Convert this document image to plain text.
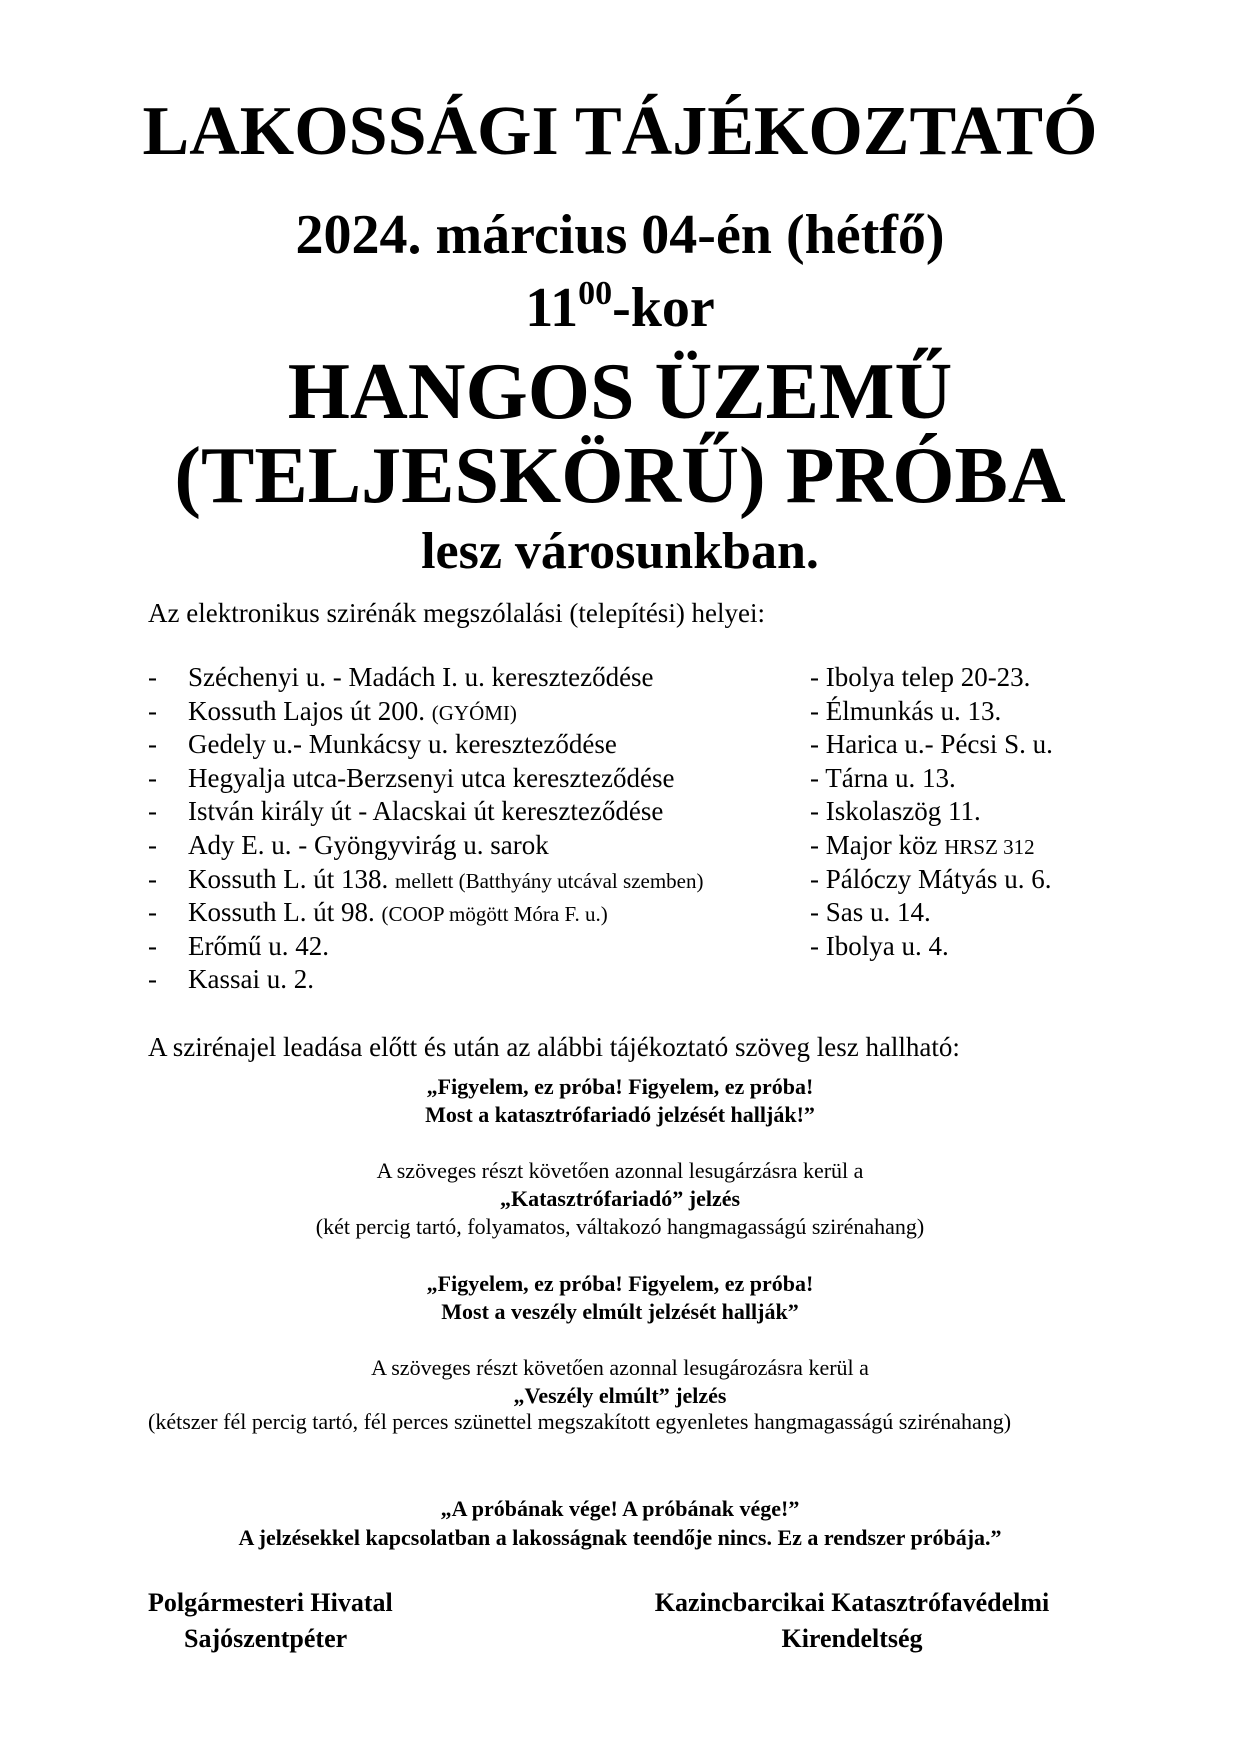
LAKOSSÁGI TÁJÉKOZTATÓ
2024. március 04-én (hétfő)
$11^{00}$-kor
HANGOS ÜZEMŰ
(TELJESKÖRŰ) PRÓBA
lesz városunkban.
Az elektronikus szirénák megszólalási (telepítési) helyei:
- Széchenyi u. - Madách I. u. kereszteződése
- Kossuth Lajos út 200. (GYÓMI)
- Gedely u.- Munkácsy u. kereszteződése
- Hegyalja utca-Berzsenyi utca kereszteződése
- István király út - Alacskai út kereszteződése
- Ady E. u. - Gyöngyvirág u. sarok
- Kossuth L. út 138. mellett (Batthyány utcával szemben)
- Kossuth L. út 98. (COOP mögött Móra F. u.)
- Erőmű u. 42.
- Kassai u. 2.
- Ibolya telep 20-23.
- Élmunkás u. 13.
- Harica u.- Pécsi S. u.
- Tárna u. 13.
- Iskolaszög 11.
- Major köz HRSZ 312
- Pálóczy Mátyás u. 6.
- Sas u. 14.
- Ibolya u. 4.
A szirénajel leadása előtt és után az alábbi tájékoztató szöveg lesz hallható:
„Figyelem, ez próba! Figyelem, ez próba!
Most a katasztrófariadó jelzését hallják!”
A szöveges részt követően azonnal lesugárzásra kerül a
„Katasztrófariadó” jelzés
(két percig tartó, folyamatos, váltakozó hangmagasságú szirénahang)
„Figyelem, ez próba! Figyelem, ez próba!
Most a veszély elmúlt jelzését hallják”
A szöveges részt követően azonnal lesugározásra kerül a
„Veszély elmúlt” jelzés
(kétszer fél percig tartó, fél perces szünettel megszakított egyenletes hangmagasságú szirénahang)
„A próbának vége! A próbának vége!”
A jelzésekkel kapcsolatban a lakosságnak teendője nincs. Ez a rendszer próbája.”
Polgármesteri Hivatal
Sajószentpéter
Kazincbarcikai Katasztrófavédelmi
Kirendeltség
